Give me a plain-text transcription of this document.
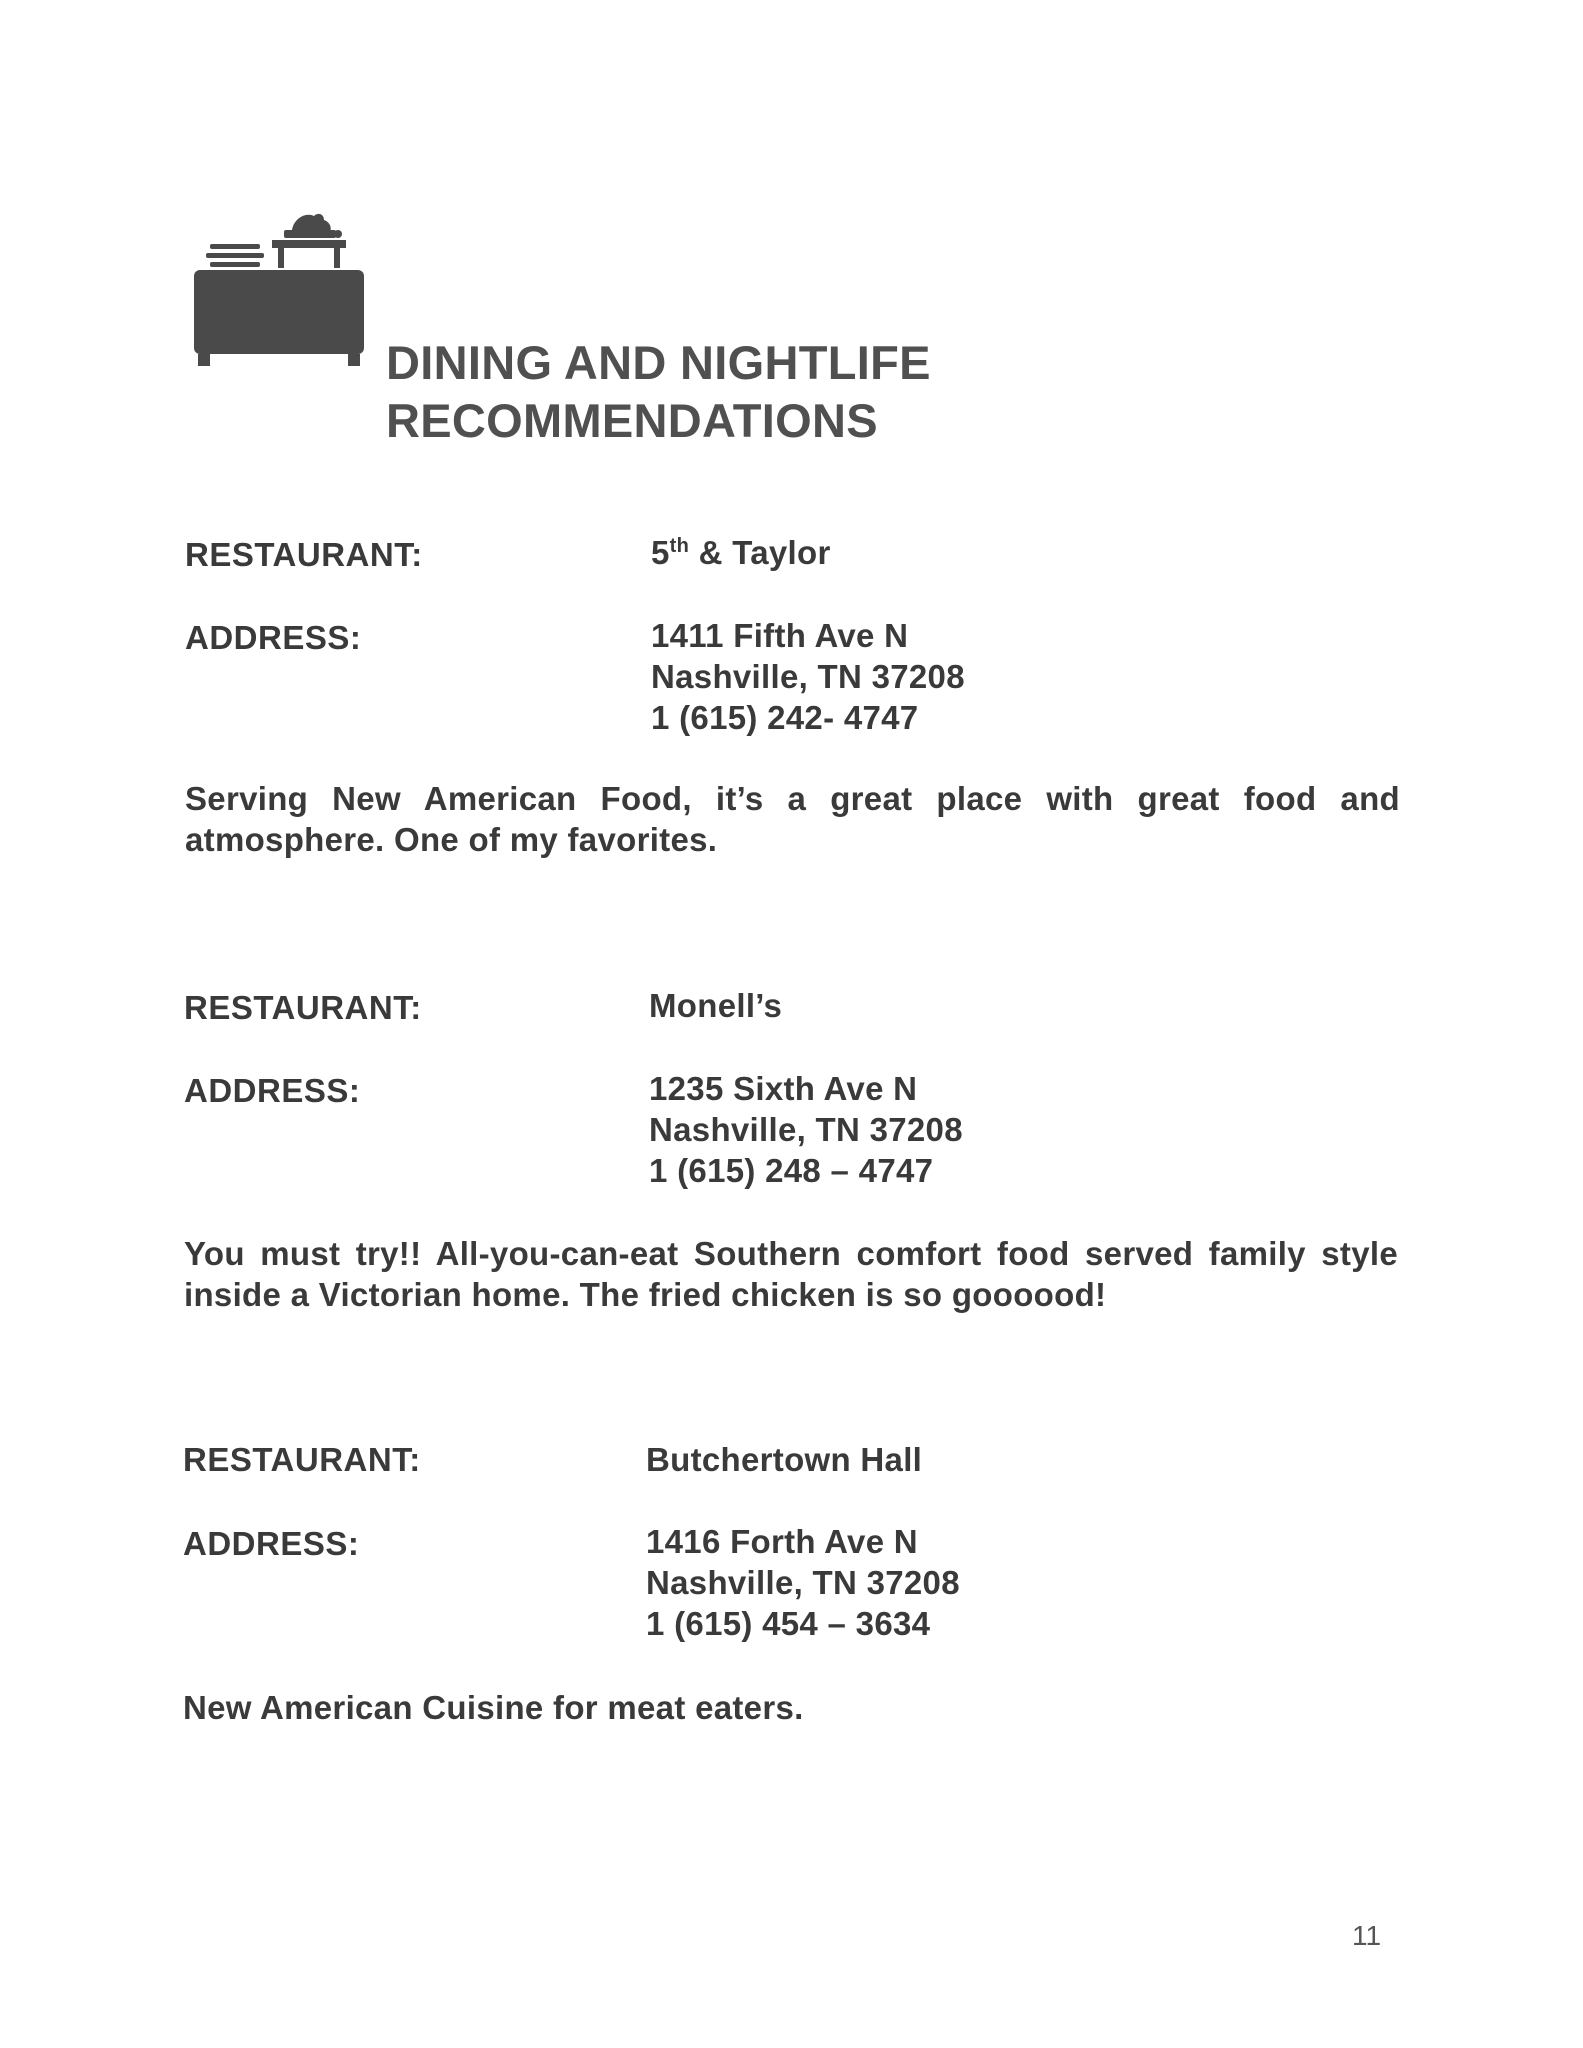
DINING AND NIGHTLIFE
RECOMMENDATIONS
RESTAURANT:	5th & Taylor
ADDRESS:	1411 Fifth Ave N
Nashville, TN 37208
1 (615) 242- 4747

Serving New American Food, it’s a great place with great food and atmosphere. One of my favorites.

RESTAURANT:	Monell’s
ADDRESS:	1235 Sixth Ave N
Nashville, TN 37208
1 (615) 248 – 4747

You must try!! All-you-can-eat Southern comfort food served family style inside a Victorian home. The fried chicken is so goooood!

RESTAURANT:	Butchertown Hall
ADDRESS:	1416 Forth Ave N
Nashville, TN 37208
1 (615) 454 – 3634

New American Cuisine for meat eaters.

11
